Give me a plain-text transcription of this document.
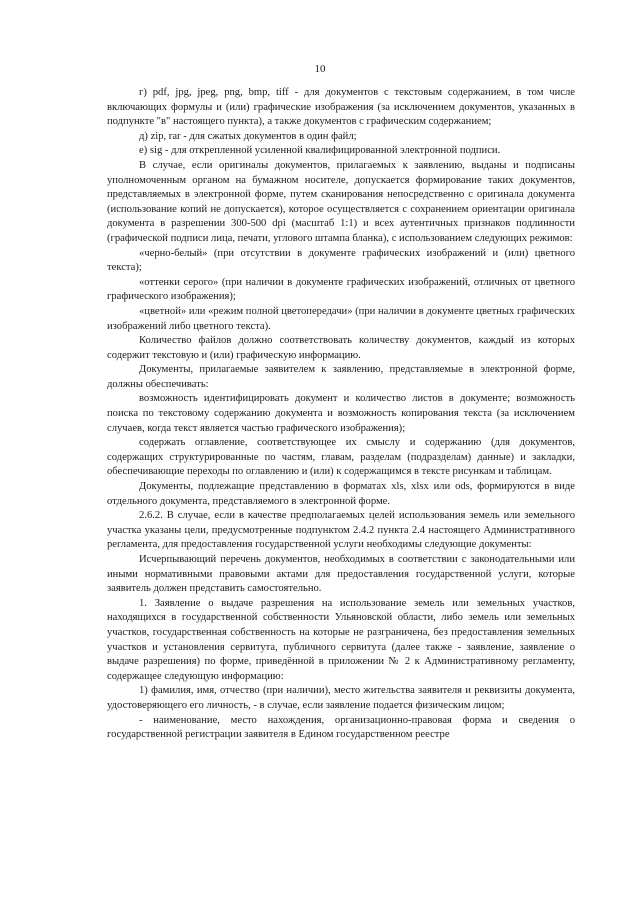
10

г) pdf, jpg, jpeg, png, bmp, tiff - для документов с текстовым содержанием, в том числе включающих формулы и (или) графические изображения (за исключением документов, указанных в подпункте "в" настоящего пункта), а также документов с графическим содержанием;

д) zip, rar - для сжатых документов в один файл;

е) sig - для открепленной усиленной квалифицированной электронной подписи.

В случае, если оригиналы документов, прилагаемых к заявлению, выданы и подписаны уполномоченным органом на бумажном носителе, допускается формирование таких документов, представляемых в электронной форме, путем сканирования непосредственно с оригинала документа (использование копий не допускается), которое осуществляется с сохранением ориентации оригинала документа в разрешении 300-500 dpi (масштаб 1:1) и всех аутентичных признаков подлинности (графической подписи лица, печати, углового штампа бланка), с использованием следующих режимов:

«черно-белый» (при отсутствии в документе графических изображений и (или) цветного текста);

«оттенки серого» (при наличии в документе графических изображений, отличных от цветного графического изображения);

«цветной» или «режим полной цветопередачи» (при наличии в документе цветных графических изображений либо цветного текста).

Количество файлов должно соответствовать количеству документов, каждый из которых содержит текстовую и (или) графическую информацию.

Документы, прилагаемые заявителем к заявлению, представляемые в электронной форме, должны обеспечивать:

возможность идентифицировать документ и количество листов в документе; возможность поиска по текстовому содержанию документа и возможность копирования текста (за исключением случаев, когда текст является частью графического изображения);

содержать оглавление, соответствующее их смыслу и содержанию (для документов, содержащих структурированные по частям, главам, разделам (подразделам) данные) и закладки, обеспечивающие переходы по оглавлению и (или) к содержащимся в тексте рисункам и таблицам.

Документы, подлежащие представлению в форматах xls, xlsx или ods, формируются в виде отдельного документа, представляемого в электронной форме.

2.6.2. В случае, если в качестве предполагаемых целей использования земель или земельного участка указаны цели, предусмотренные подпунктом 2.4.2 пункта 2.4 настоящего Административного регламента, для предоставления государственной услуги необходимы следующие документы:

Исчерпывающий перечень документов, необходимых в соответствии с законодательными или иными нормативными правовыми актами для предоставления государственной услуги, которые заявитель должен представить самостоятельно.

1. Заявление о выдаче разрешения на использование земель или земельных участков, находящихся в государственной собственности Ульяновской области, либо земель или земельных участков, государственная собственность на которые не разграничена, без предоставления земельных участков и установления сервитута, публичного сервитута (далее также - заявление, заявление о выдаче разрешения) по форме, приведённой в приложении № 2 к Административному регламенту, содержащее следующую информацию:

1) фамилия, имя, отчество (при наличии), место жительства заявителя и реквизиты документа, удостоверяющего его личность, - в случае, если заявление подается физическим лицом;

- наименование, место нахождения, организационно-правовая форма и сведения о государственной регистрации заявителя в Едином государственном реестре
